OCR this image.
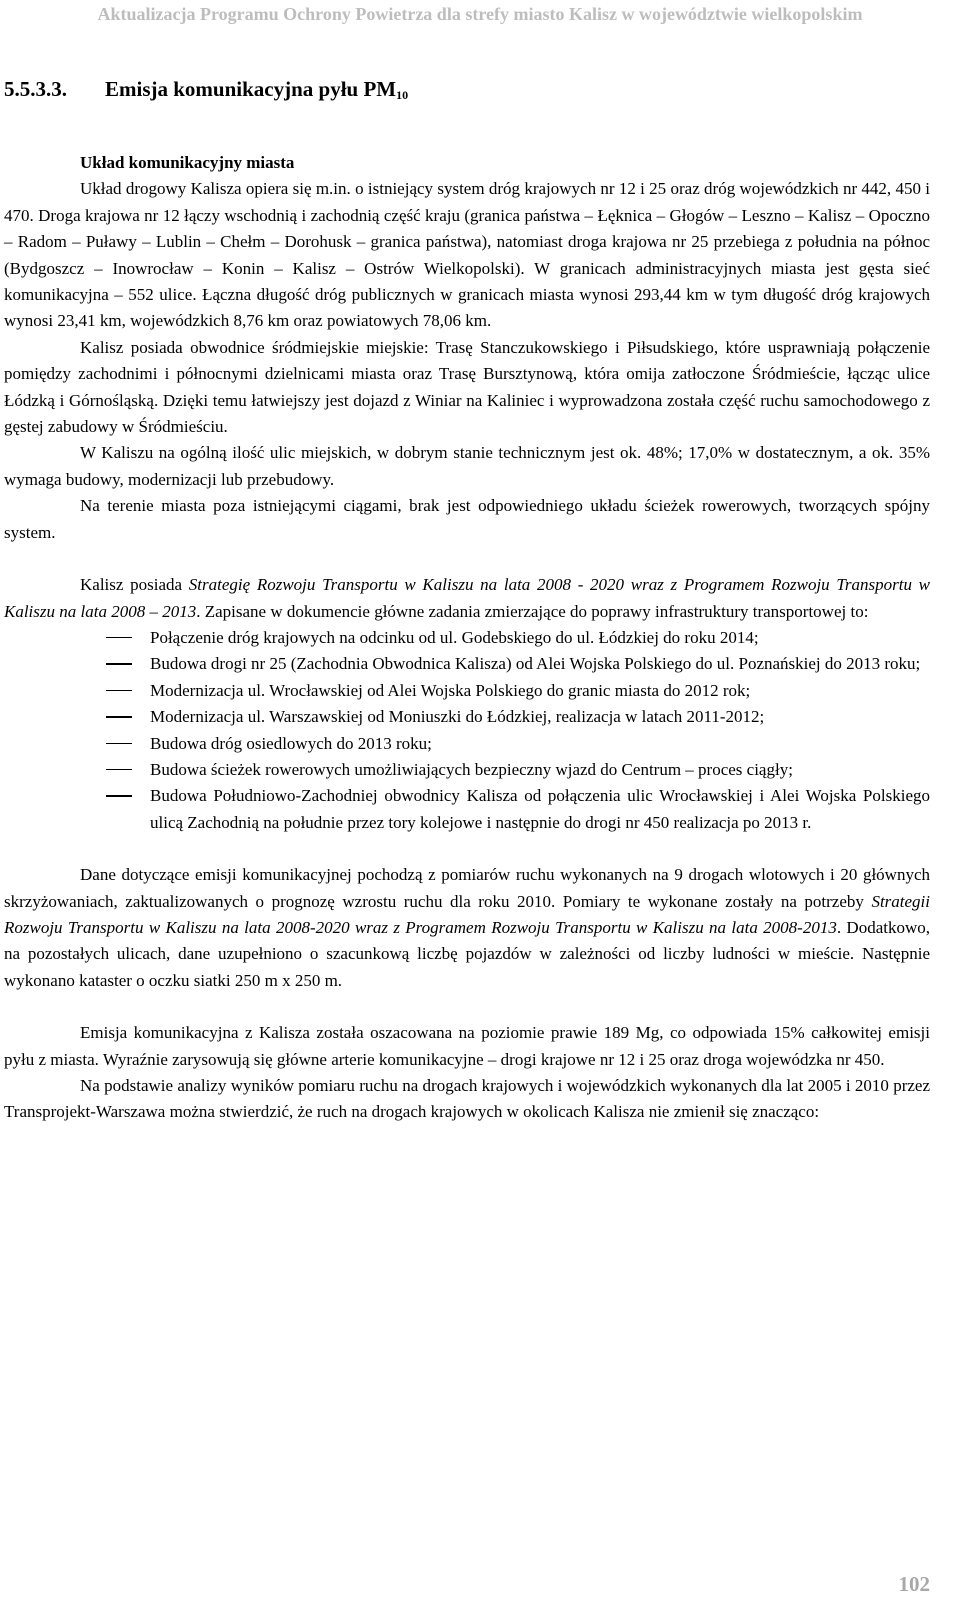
Aktualizacja Programu Ochrony Powietrza dla strefy miasto Kalisz w województwie wielkopolskim
5.5.3.3. Emisja komunikacyjna pyłu $PM_{10}$

Układ komunikacyjny miasta

Układ drogowy Kalisza opiera się m.in. o istniejący system dróg krajowych nr 12 i 25 oraz dróg wojewódzkich nr 442, 450 i 470. Droga krajowa nr 12 łączy wschodnią i zachodnią część kraju (granica państwa – Łęknica – Głogów – Leszno – Kalisz – Opoczno – Radom – Puławy – Lublin – Chełm – Dorohusk – granica państwa), natomiast droga krajowa nr 25 przebiega z południa na północ (Bydgoszcz – Inowrocław – Konin – Kalisz – Ostrów Wielkopolski). W granicach administracyjnych miasta jest gęsta sieć komunikacyjna – 552 ulice. Łączna długość dróg publicznych w granicach miasta wynosi 293,44 km w tym długość dróg krajowych wynosi 23,41 km, wojewódzkich 8,76 km oraz powiatowych 78,06 km.

Kalisz posiada obwodnice śródmiejskie miejskie: Trasę Stanczukowskiego i Piłsudskiego, które usprawniają połączenie pomiędzy zachodnimi i północnymi dzielnicami miasta oraz Trasę Bursztynową, która omija zatłoczone Śródmieście, łącząc ulice Łódzką i Górnośląską. Dzięki temu łatwiejszy jest dojazd z Winiar na Kaliniec i wyprowadzona została część ruchu samochodowego z gęstej zabudowy w Śródmieściu.

W Kaliszu na ogólną ilość ulic miejskich, w dobrym stanie technicznym jest ok. 48%; 17,0% w dostatecznym, a ok. 35% wymaga budowy, modernizacji lub przebudowy.

Na terenie miasta poza istniejącymi ciągami, brak jest odpowiedniego układu ścieżek rowerowych, tworzących spójny system.

Kalisz posiada Strategię Rozwoju Transportu w Kaliszu na lata 2008 - 2020 wraz z Programem Rozwoju Transportu w Kaliszu na lata 2008 – 2013. Zapisane w dokumencie główne zadania zmierzające do poprawy infrastruktury transportowej to:

Połączenie dróg krajowych na odcinku od ul. Godebskiego do ul. Łódzkiej do roku 2014;
Budowa drogi nr 25 (Zachodnia Obwodnica Kalisza) od Alei Wojska Polskiego do ul. Poznańskiej do 2013 roku;
Modernizacja ul. Wrocławskiej od Alei Wojska Polskiego do granic miasta do 2012 rok;
Modernizacja ul. Warszawskiej od Moniuszki do Łódzkiej, realizacja w latach 2011-2012;
Budowa dróg osiedlowych do 2013 roku;
Budowa ścieżek rowerowych umożliwiających bezpieczny wjazd do Centrum – proces ciągły;
Budowa Południowo-Zachodniej obwodnicy Kalisza od połączenia ulic Wrocławskiej i Alei Wojska Polskiego ulicą Zachodnią na południe przez tory kolejowe i następnie do drogi nr 450 realizacja po 2013 r.

Dane dotyczące emisji komunikacyjnej pochodzą z pomiarów ruchu wykonanych na 9 drogach wlotowych i 20 głównych skrzyżowaniach, zaktualizowanych o prognozę wzrostu ruchu dla roku 2010. Pomiary te wykonane zostały na potrzeby Strategii Rozwoju Transportu w Kaliszu na lata 2008-2020 wraz z Programem Rozwoju Transportu w Kaliszu na lata 2008-2013. Dodatkowo, na pozostałych ulicach, dane uzupełniono o szacunkową liczbę pojazdów w zależności od liczby ludności w mieście. Następnie wykonano kataster o oczku siatki 250 m x 250 m.

Emisja komunikacyjna z Kalisza została oszacowana na poziomie prawie 189 Mg, co odpowiada 15% całkowitej emisji pyłu z miasta. Wyraźnie zarysowują się główne arterie komunikacyjne – drogi krajowe nr 12 i 25 oraz droga wojewódzka nr 450.

Na podstawie analizy wyników pomiaru ruchu na drogach krajowych i wojewódzkich wykonanych dla lat 2005 i 2010 przez Transprojekt-Warszawa można stwierdzić, że ruch na drogach krajowych w okolicach Kalisza nie zmienił się znacząco:

102
